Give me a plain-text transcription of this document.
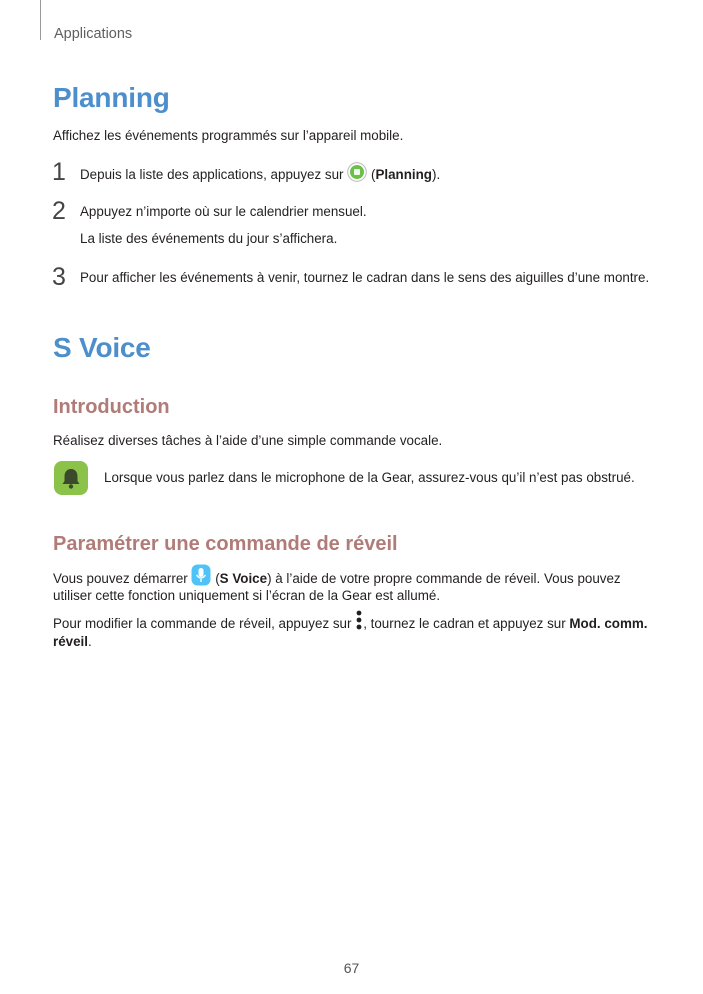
Applications
Planning
Affichez les événements programmés sur l’appareil mobile.
1 Depuis la liste des applications, appuyez sur (Planning).
2 Appuyez n’importe où sur le calendrier mensuel.
La liste des événements du jour s’affichera.
3 Pour afficher les événements à venir, tournez le cadran dans le sens des aiguilles d’une montre.
S Voice
Introduction
Réalisez diverses tâches à l’aide d’une simple commande vocale.
Lorsque vous parlez dans le microphone de la Gear, assurez-vous qu’il n’est pas obstrué.
Paramétrer une commande de réveil
Vous pouvez démarrer (S Voice) à l’aide de votre propre commande de réveil. Vous pouvez
utiliser cette fonction uniquement si l’écran de la Gear est allumé.
Pour modifier la commande de réveil, appuyez sur , tournez le cadran et appuyez sur Mod. comm.
réveil.
67
